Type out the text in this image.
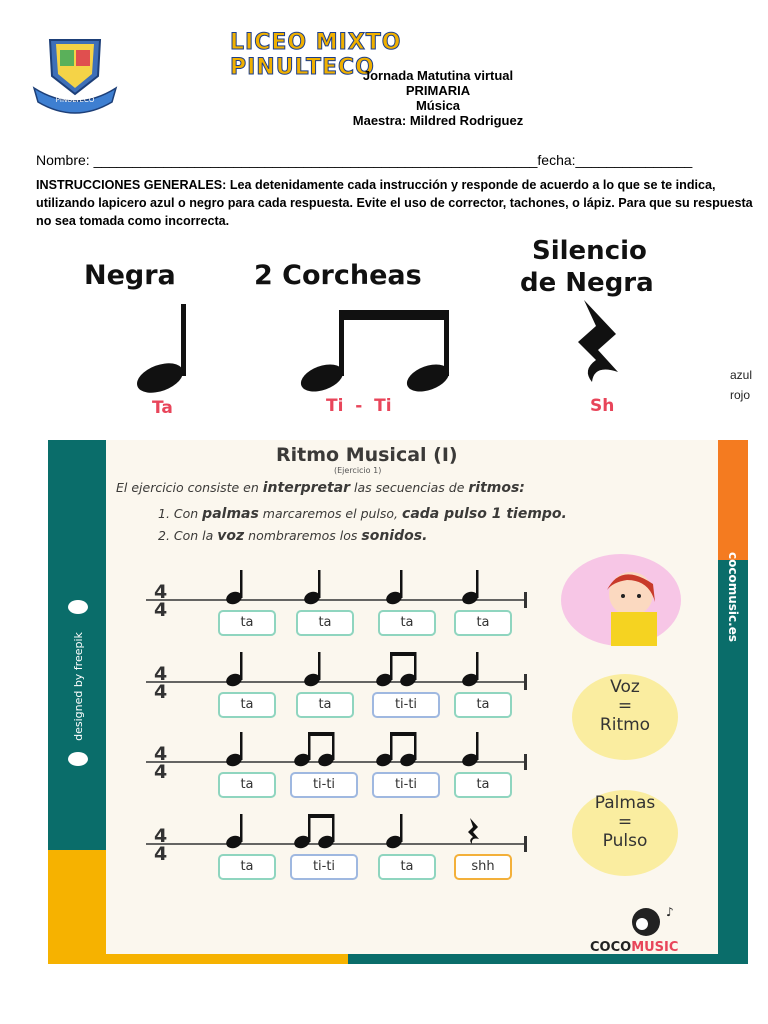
PINULTECO
LICEO MIXTO PINULTECO
Jornada Matutina virtual
PRIMARIA
Música
Maestra: Mildred Rodriguez
Nombre: _________________________________________________________fecha:_______________
INSTRUCCIONES GENERALES: Lea detenidamente cada instrucción y responde de acuerdo a lo que se te indica, utilizando lapicero azul o negro para cada respuesta. Evite el uso de corrector, tachones, o lápiz. Para que su respuesta no sea tomada como incorrecta.
Negra	2 Corcheas
Silencio
de Negra
Ta	Ti  -  Ti	Sh
azul
rojo
designed by freepik
Ritmo Musical (I)
(Ejercicio 1)
El ejercicio consiste en interpretar las secuencias de ritmos:
1. Con palmas marcaremos el pulso, cada pulso 1 tiempo.
2. Con la voz nombraremos los sonidos.
4
4
ta	ta	ta	ta
4
4
ta	ta	ti-ti	ta
4
4
ta	ti-ti	ti-ti	ta
4
4
ta	ti-ti	ta	shh
Voz
=
Ritmo
Palmas
=
Pulso
♪
COCOMUSIC
cocomusic.es
